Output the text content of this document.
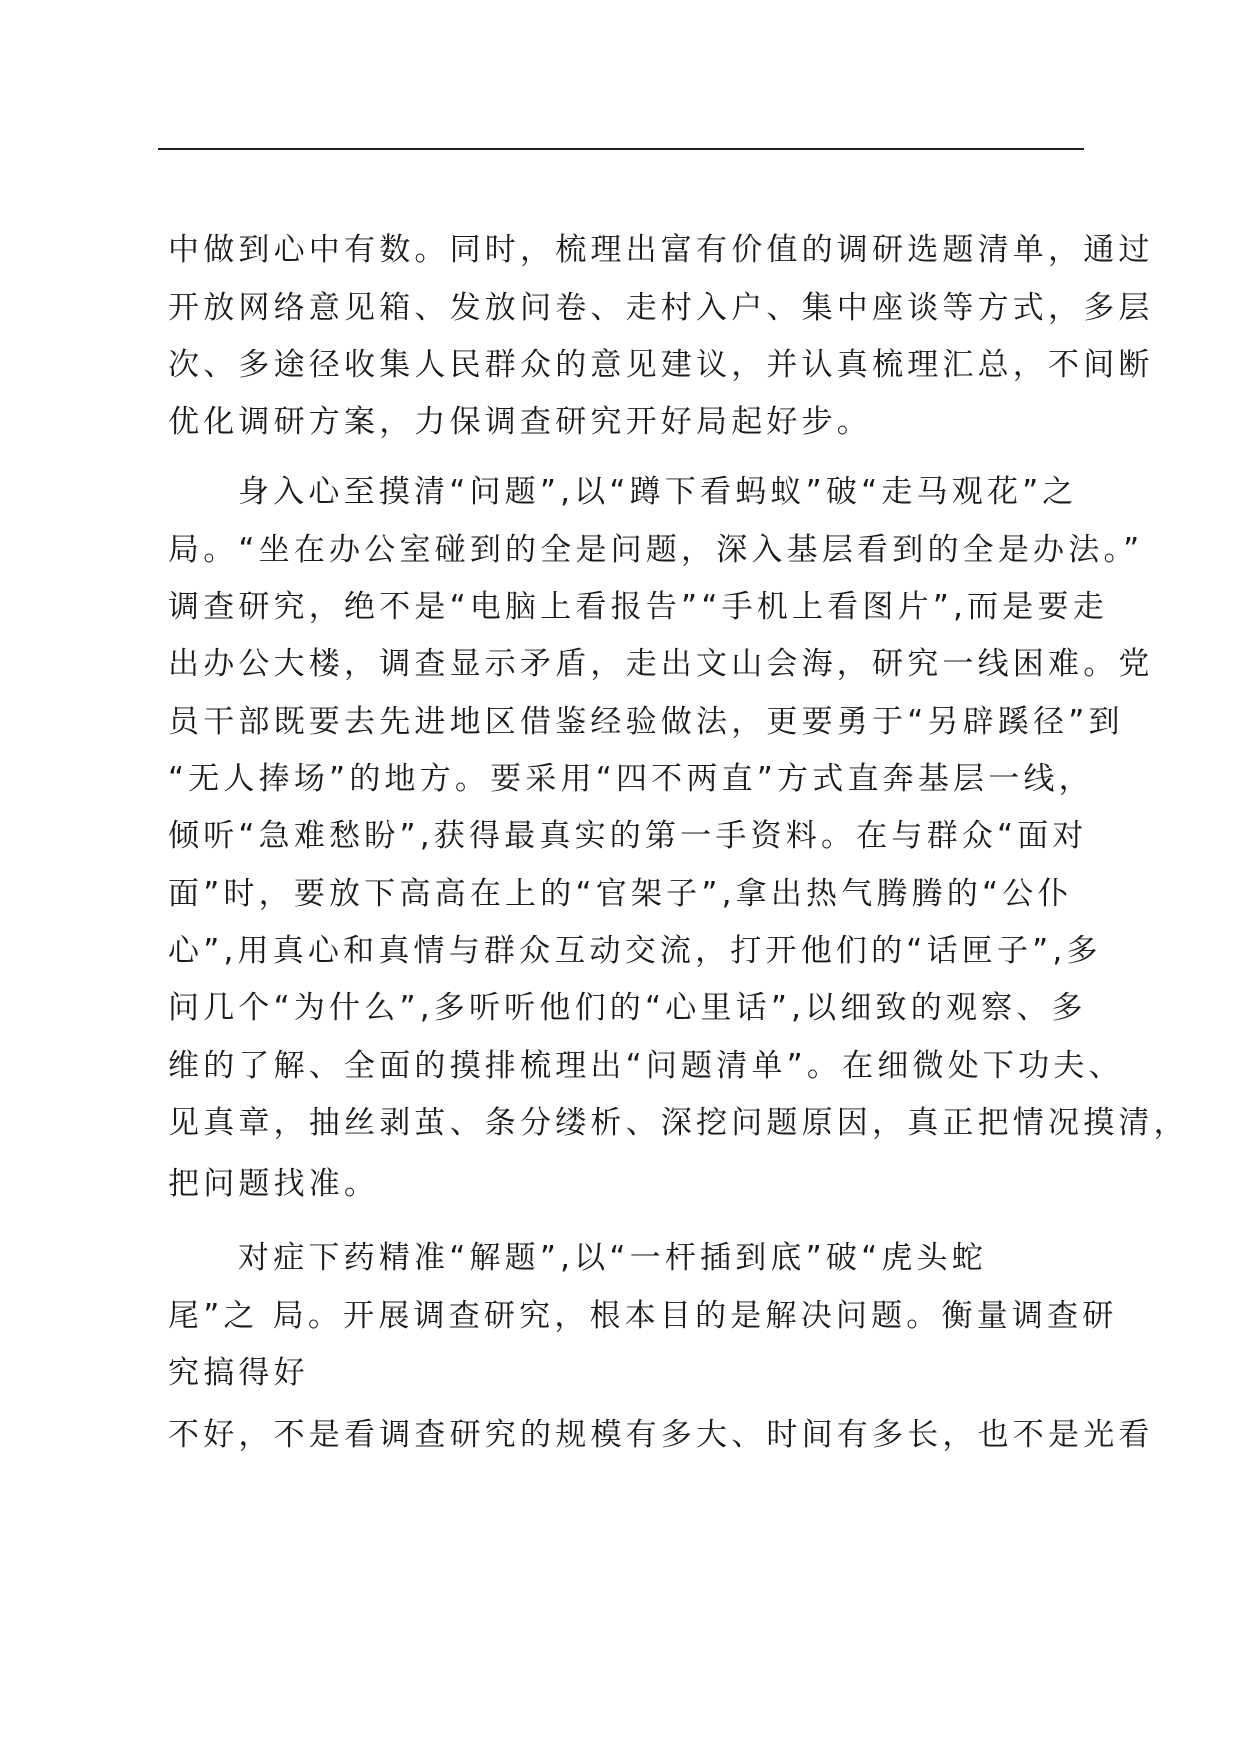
中做到心中有数。同时，梳理出富有价值的调研选题清单，通过
开放网络意见箱、发放问卷、走村入户、集中座谈等方式，多层
次、多途径收集人民群众的意见建议，并认真梳理汇总，不间断
优化调研方案，力保调查研究开好局起好步。
身入心至摸清“问题”,以“蹲下看蚂蚁”破“走马观花”之
局。“坐在办公室碰到的全是问题，深入基层看到的全是办法。”
调查研究，绝不是“电脑上看报告”“手机上看图片”,而是要走
出办公大楼，调查显示矛盾，走出文山会海，研究一线困难。党
员干部既要去先进地区借鉴经验做法，更要勇于“另辟蹊径”到
“无人捧场”的地方。要采用“四不两直”方式直奔基层一线，
倾听“急难愁盼”,获得最真实的第一手资料。在与群众“面对
面”时，要放下高高在上的“官架子”,拿出热气腾腾的“公仆
心”,用真心和真情与群众互动交流，打开他们的“话匣子”,多
问几个“为什么”,多听听他们的“心里话”,以细致的观察、多
维的了解、全面的摸排梳理出“问题清单”。在细微处下功夫、
见真章，抽丝剥茧、条分缕析、深挖问题原因，真正把情况摸清，
把问题找准。
对症下药精准“解题”,以“一杆插到底”破“虎头蛇
尾”之 局。开展调查研究，根本目的是解决问题。衡量调查研
究搞得好
不好，不是看调查研究的规模有多大、时间有多长，也不是光看
